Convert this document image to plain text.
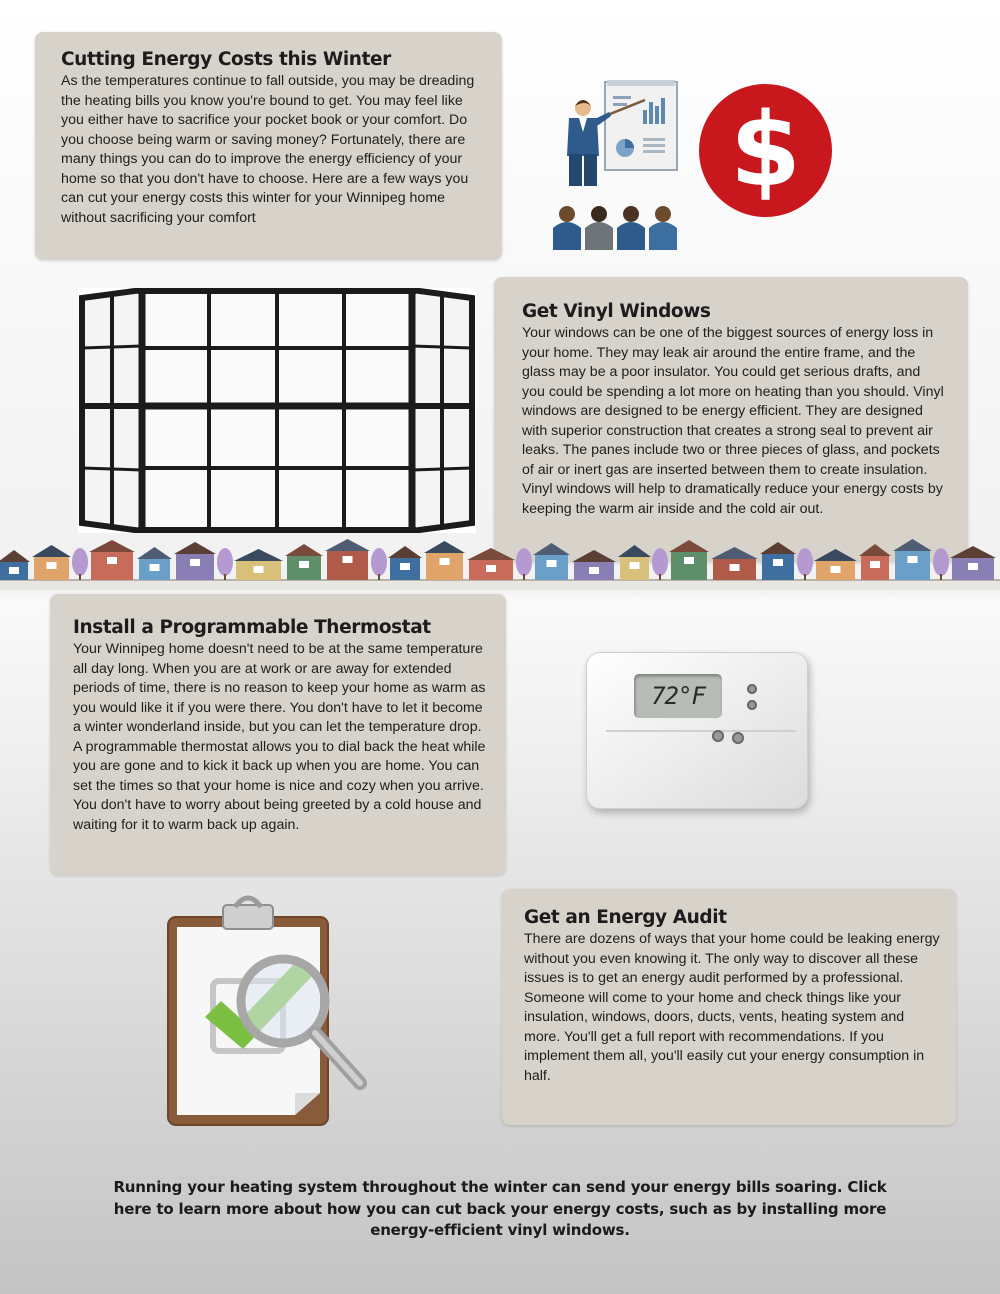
Cutting Energy Costs this Winter

As the temperatures continue to fall outside, you may be dreading the heating bills you know you're bound to get. You may feel like you either have to sacrifice your pocket book or your comfort. Do you choose being warm or saving money? Fortunately, there are many things you can do to improve the energy efficiency of your home so that you don't have to choose. Here are a few ways you can cut your energy costs this winter for your Winnipeg home without sacrificing your comfort

$
Get Vinyl Windows

Your windows can be one of the biggest sources of energy loss in your home. They may leak air around the entire frame, and the glass may be a poor insulator. You could get serious drafts, and you could be spending a lot more on heating than you should. Vinyl windows are designed to be energy efficient. They are designed with superior construction that creates a strong seal to prevent air leaks. The panes include two or three pieces of glass, and pockets of air or inert gas are inserted between them to create insulation. Vinyl windows will help to dramatically reduce your energy costs by keeping the warm air inside and the cold air out.

Install a Programmable Thermostat

Your Winnipeg home doesn't need to be at the same temperature all day long. When you are at work or are away for extended periods of time, there is no reason to keep your home as warm as you would like it if you were there. You don't have to let it become a winter wonderland inside, but you can let the temperature drop. A programmable thermostat allows you to dial back the heat while you are gone and to kick it back up when you are home. You can set the times so that your home is nice and cozy when you arrive. You don't have to worry about being greeted by a cold house and waiting for it to warm back up again.

72°F
Get an Energy Audit

There are dozens of ways that your home could be leaking energy without you even knowing it. The only way to discover all these issues is to get an energy audit performed by a professional. Someone will come to your home and check things like your insulation, windows, doors, ducts, vents, heating system and more. You'll get a full report with recommendations. If you implement them all, you'll easily cut your energy consumption in half.

Running your heating system throughout the winter can send your energy bills soaring. Click here to learn more about how you can cut back your energy costs, such as by installing more energy-efficient vinyl windows.
